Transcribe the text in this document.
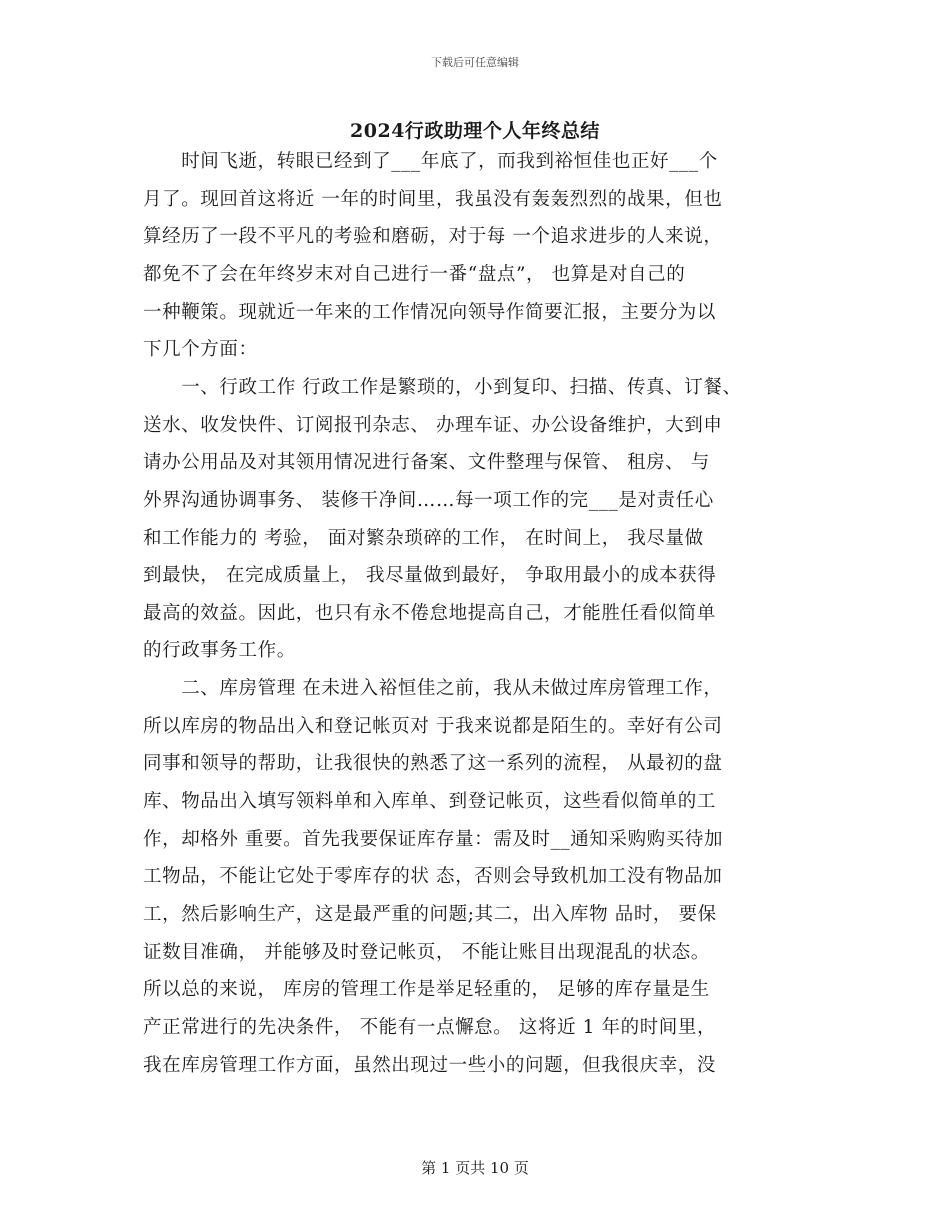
下载后可任意编辑
2024行政助理个人年终总结
　　时间飞逝，转眼已经到了___年底了，而我到裕恒佳也正好___个
月了。现回首这将近 一年的时间里，我虽没有轰轰烈烈的战果，但也
算经历了一段不平凡的考验和磨砺，对于每 一个追求进步的人来说，
都免不了会在年终岁末对自己进行一番“盘点”， 也算是对自己的
一种鞭策。现就近一年来的工作情况向领导作简要汇报，主要分为以
下几个方面：
　　一、行政工作 行政工作是繁琐的，小到复印、扫描、传真、订餐、
送水、收发快件、订阅报刊杂志、 办理车证、办公设备维护，大到申
请办公用品及对其领用情况进行备案、文件整理与保管、 租房、 与
外界沟通协调事务、 装修干净间……每一项工作的完___是对责任心
和工作能力的 考验， 面对繁杂琐碎的工作， 在时间上， 我尽量做
到最快， 在完成质量上， 我尽量做到最好， 争取用最小的成本获得
最高的效益。因此，也只有永不倦怠地提高自己，才能胜任看似简单
的行政事务工作。
　　二、库房管理 在未进入裕恒佳之前，我从未做过库房管理工作，
所以库房的物品出入和登记帐页对 于我来说都是陌生的。幸好有公司
同事和领导的帮助，让我很快的熟悉了这一系列的流程， 从最初的盘
库、物品出入填写领料单和入库单、到登记帐页，这些看似简单的工
作，却格外 重要。首先我要保证库存量：需及时__通知采购购买待加
工物品，不能让它处于零库存的状 态，否则会导致机加工没有物品加
工，然后影响生产，这是最严重的问题;其二，出入库物 品时， 要保
证数目准确， 并能够及时登记帐页， 不能让账目出现混乱的状态。
所以总的来说， 库房的管理工作是举足轻重的， 足够的库存量是生
产正常进行的先决条件， 不能有一点懈怠。 这将近 1 年的时间里，
我在库房管理工作方面，虽然出现过一些小的问题，但我很庆幸，没
第 1 页共 10 页
